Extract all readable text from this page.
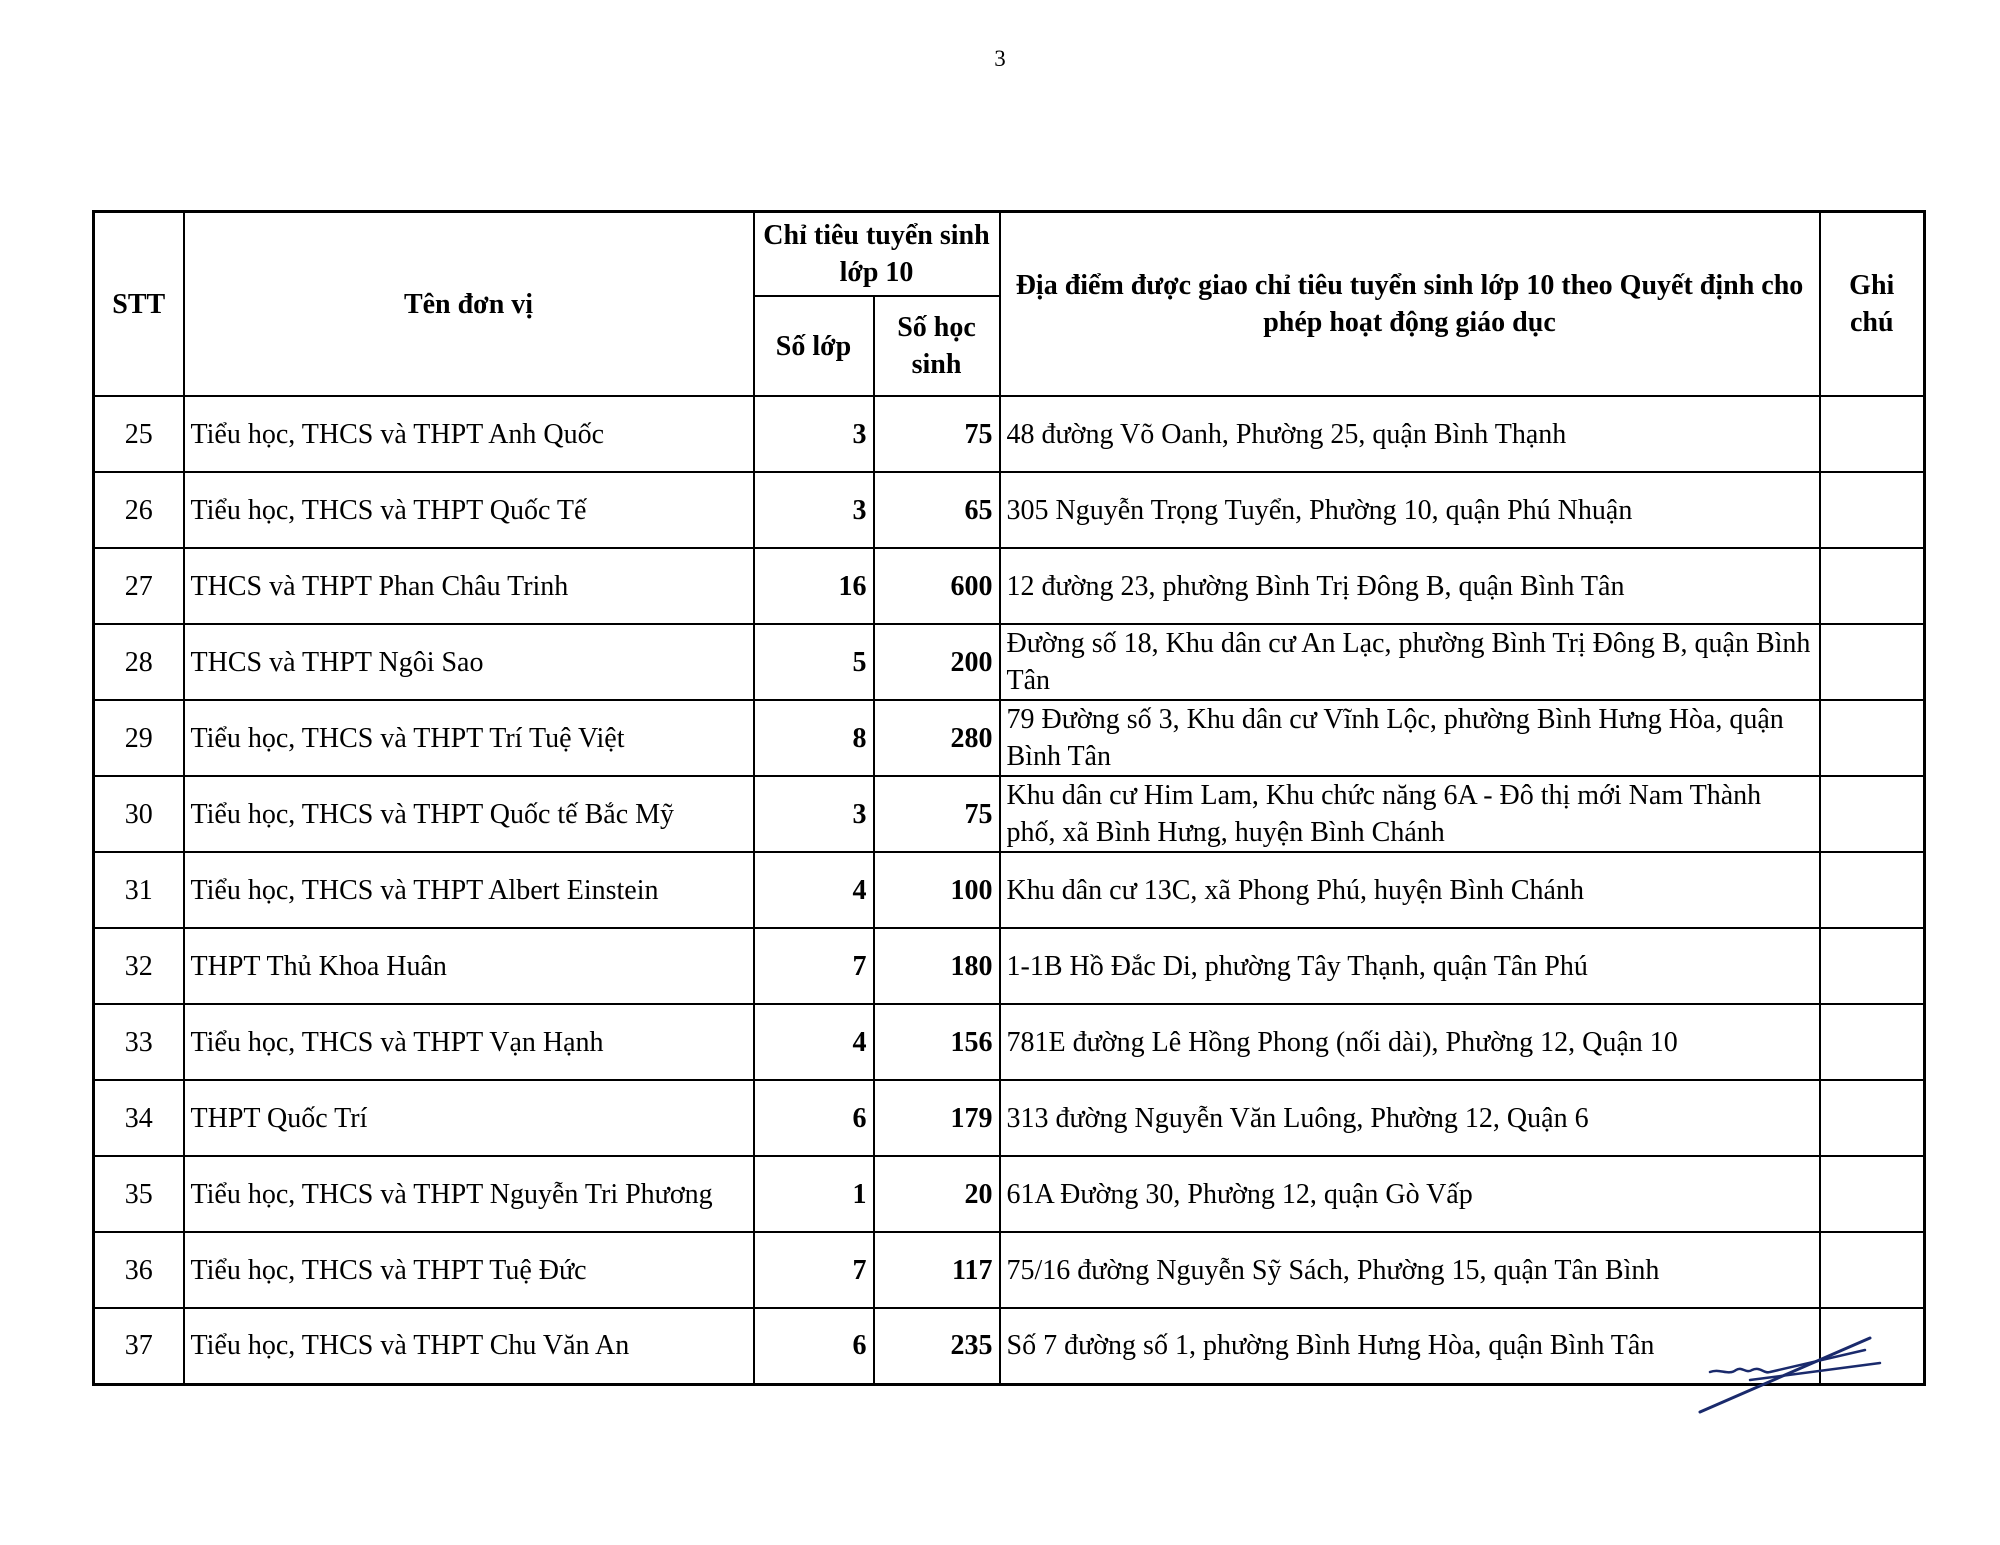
3
STT	Tên đơn vị	Chỉ tiêu tuyển sinh lớp 10		Địa điểm được giao chỉ tiêu tuyển sinh lớp 10 theo Quyết định cho phép hoạt động giáo dục	Ghi chú
		Số lớp	Số học sinh		
25	Tiểu học, THCS và THPT Anh Quốc	3	75	48 đường Võ Oanh, Phường 25, quận Bình Thạnh	
26	Tiểu học, THCS và THPT Quốc Tế	3	65	305 Nguyễn Trọng Tuyển, Phường 10, quận Phú Nhuận	
27	THCS và THPT Phan Châu Trinh	16	600	12 đường 23, phường Bình Trị Đông B, quận Bình Tân	
28	THCS và THPT Ngôi Sao	5	200	Đường số 18, Khu dân cư An Lạc, phường Bình Trị Đông B, quận Bình Tân	
29	Tiểu học, THCS và THPT Trí Tuệ Việt	8	280	79 Đường số 3, Khu dân cư Vĩnh Lộc, phường Bình Hưng Hòa, quận Bình Tân	
30	Tiểu học, THCS và THPT Quốc tế Bắc Mỹ	3	75	Khu dân cư Him Lam, Khu chức năng 6A - Đô thị mới Nam Thành phố, xã Bình Hưng, huyện Bình Chánh	
31	Tiểu học, THCS và THPT Albert Einstein	4	100	Khu dân cư 13C, xã Phong Phú, huyện Bình Chánh	
32	THPT Thủ Khoa Huân	7	180	1-1B Hồ Đắc Di, phường Tây Thạnh, quận Tân Phú	
33	Tiểu học, THCS và THPT Vạn Hạnh	4	156	781E đường Lê Hồng Phong (nối dài), Phường 12, Quận 10	
34	THPT Quốc Trí	6	179	313 đường Nguyễn Văn Luông, Phường 12, Quận 6	
35	Tiểu học, THCS và THPT Nguyễn Tri Phương	1	20	61A Đường 30, Phường 12, quận Gò Vấp	
36	Tiểu học, THCS và THPT Tuệ Đức	7	117	75/16 đường Nguyễn Sỹ Sách, Phường 15, quận Tân Bình	
37	Tiểu học, THCS và THPT Chu Văn An	6	235	Số 7 đường số 1, phường Bình Hưng Hòa, quận Bình Tân	
